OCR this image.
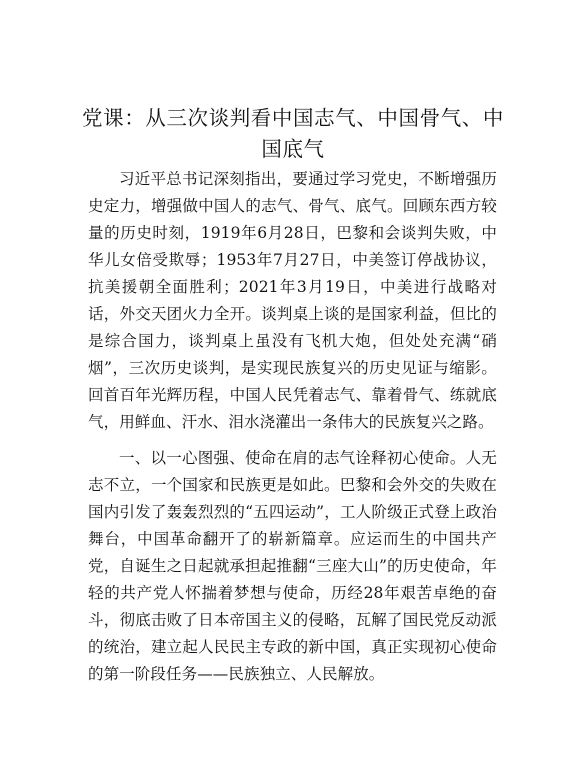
党课：从三次谈判看中国志气、中国骨气、中国底气

习近平总书记深刻指出，要通过学习党史，不断增强历史定力，增强做中国人的志气、骨气、底气。回顾东西方较量的历史时刻，1919年6月28日，巴黎和会谈判失败，中华儿女倍受欺辱；1953年7月27日，中美签订停战协议，抗美援朝全面胜利；2021年3月19日，中美进行战略对话，外交天团火力全开。谈判桌上谈的是国家利益，但比的是综合国力，谈判桌上虽没有飞机大炮，但处处充满“硝烟”，三次历史谈判，是实现民族复兴的历史见证与缩影。回首百年光辉历程，中国人民凭着志气、靠着骨气、练就底气，用鲜血、汗水、泪水浇灌出一条伟大的民族复兴之路。

一、以一心图强、使命在肩的志气诠释初心使命。人无志不立，一个国家和民族更是如此。巴黎和会外交的失败在国内引发了轰轰烈烈的“五四运动”，工人阶级正式登上政治舞台，中国革命翻开了的崭新篇章。应运而生的中国共产党，自诞生之日起就承担起推翻“三座大山”的历史使命，年轻的共产党人怀揣着梦想与使命，历经28年艰苦卓绝的奋斗，彻底击败了日本帝国主义的侵略，瓦解了国民党反动派的统治，建立起人民民主专政的新中国，真正实现初心使命的第一阶段任务——民族独立、人民解放。
